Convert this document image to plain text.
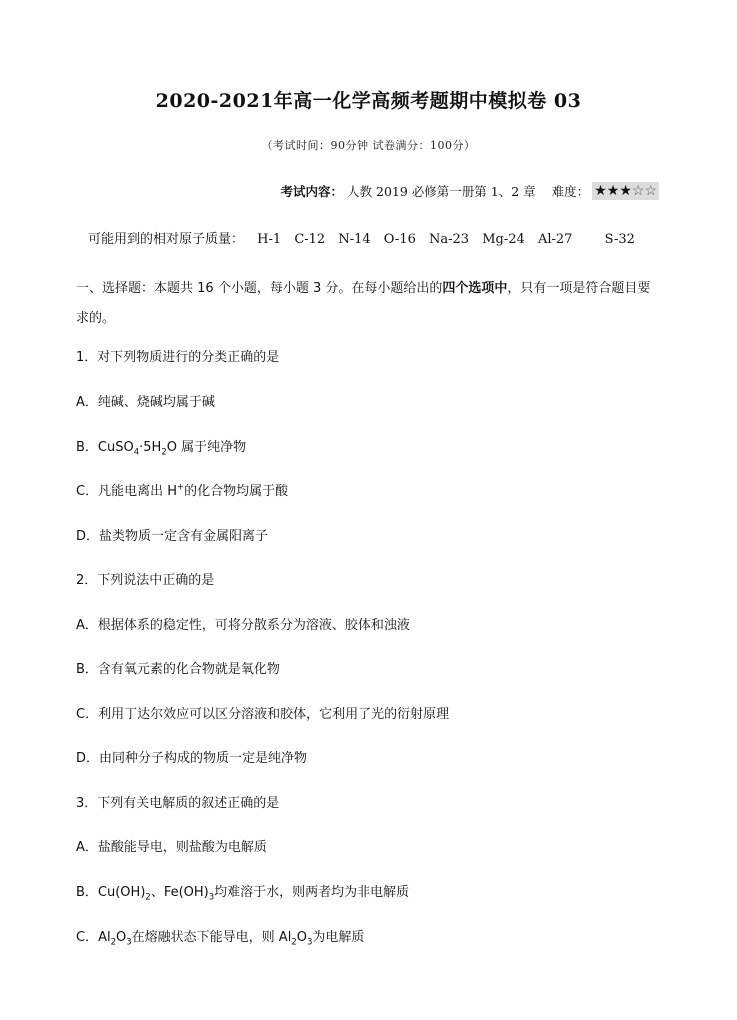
2020-2021年高一化学高频考题期中模拟卷 03
（考试时间：90分钟 试卷满分：100分）
考试内容： 人教 2019 必修第一册第 1、2 章 难度： ★ ★ ★ ☆ ☆
可能用到的相对原子质量： H-1 C-12 N-14 O-16 Na-23 Mg-24 Al-27 S-32
一、选择题：本题共 16 个小题，每小题 3 分。在每小题给出的四个选项中，只有一项是符合题目要求的。
1．对下列物质进行的分类正确的是
A．纯碱、烧碱均属于碱
B．$CuSO_4\cdot 5H_2O$ 属于纯净物
C．凡能电离出 H+的化合物均属于酸
D．盐类物质一定含有金属阳离子
2．下列说法中正确的是
A．根据体系的稳定性，可将分散系分为溶液、胶体和浊液
B．含有氧元素的化合物就是氧化物
C．利用丁达尔效应可以区分溶液和胶体，它利用了光的衍射原理
D．由同种分子构成的物质一定是纯净物
3．下列有关电解质的叙述正确的是
A．盐酸能导电，则盐酸为电解质
B．$Cu(OH)_2$、$Fe(OH)_3$均难溶于水，则两者均为非电解质
C．$Al_2O_3$在熔融状态下能导电，则 $Al_2O_3$为电解质
